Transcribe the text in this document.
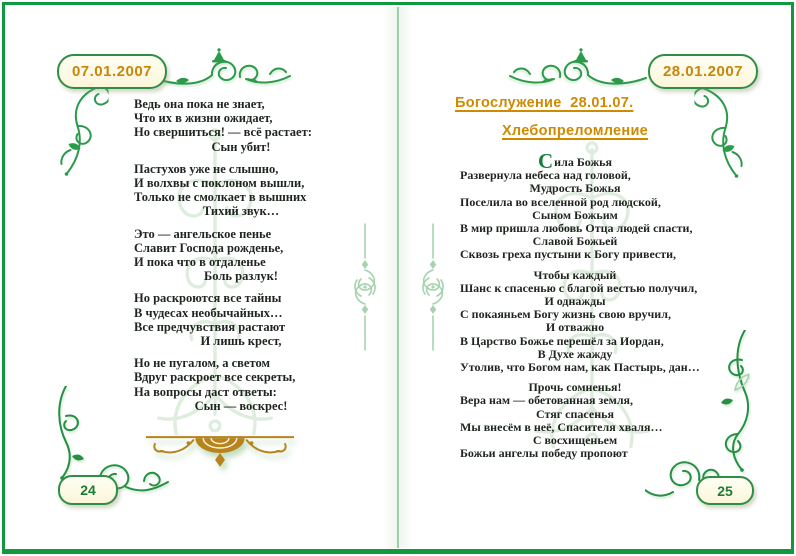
07.01.2007
Ведь она пока не знает,
Что их в жизни ожидает,
Но свершиться! — всё растает:
Сын убит!
Пастухов уже не слышно,
И волхвы с поклоном вышли,
Только не смолкает в вышних
Тихий звук…
Это — ангельское пенье
Славит Господа рожденье,
И пока что в отдаленье
Боль разлук!
Но раскроются все тайны
В чудесах необычайных…
Все предчувствия растают
И лишь крест,
Но не пугалом, а светом
Вдруг раскроет все секреты,
На вопросы даст ответы:
Сын — воскрес!
24
28.01.2007
Богослужение  28.01.07.
Хлебопреломление
Сила Божья
Развернула небеса над головой,
Мудрость Божья
Поселила во вселенной род людской,
Сыном Божьим
В мир пришла любовь Отца людей спасти,
Славой Божьей
Сквозь греха пустыни к Богу привести,
Чтобы каждый
Шанс к спасенью с благой вестью получил,
И однажды
С покаяньем Богу жизнь свою вручил,
И отважно
В Царство Божье перешёл за Иордан,
В Духе жажду
Утолив, что Богом нам, как Пастырь, дан…
Прочь сомненья!
Вера нам — обетованная земля,
Стяг спасенья
Мы внесём в неё, Спасителя хваля…
С восхищеньем
Божьи ангелы победу пропоют
25
